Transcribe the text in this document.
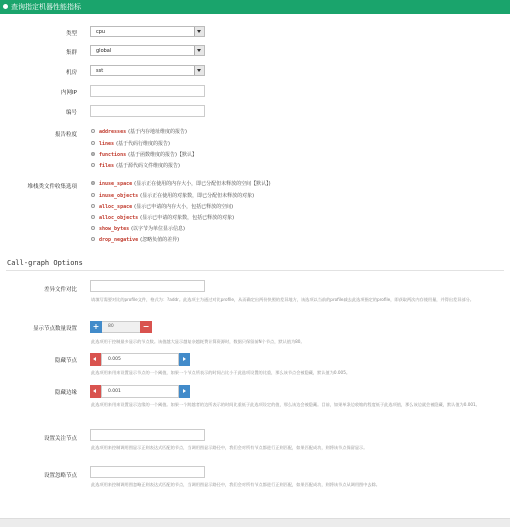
查询指定机器性能指标
类型	cpu
集群	global
机房	sst
内网IP
编号
报告粒度	addresses (基于内存地址维度的报告)
lines (基于代码行维度的报告)
functions (基于函数维度的报告)【默认】
files (基于源代码文件维度的报告)
堆栈类文件收集选项	inuse_space (显示正在使用的内存大小，即已分配但未释放的空间【默认】)
inuse_objects (显示正在使用的对象数，即已分配但未释放的对象)
alloc_space (显示已申请的内存大小，包括已释放的空间)
alloc_objects (显示已申请的对象数，包括已释放的对象)
show_bytes (以字节为单位显示信息)
drop_negative (忽略负值的差异)
Call-graph Options
差异文件对比
请填写需要对比的profile文件，格式为：?addr。此选项主为通过对比profile，从而确定出两份快照的差异地方，该选项以当前的profile减去此选项指定的profile，即获取两次内存使用量，并得出差异部分。
显示节点数量设置	+	80	−
此选项用于控制最多显示的节点数。该值越大显示越复杂越耗费计算资源时，数据只保留前N个节点，默认值为80。
隐藏节点	0.005
此选项用来用来设置显示节点的一个阈值，如果一个节点所表示的时间占比小于此选项设置的比重，那么该节点会被隐藏，默认值为0.005。
隐藏边缘	0.001
此选项用来用来设置显示边缘的一个阈值。如果一个跨越者的边所表示的时间比重低于此选项设定的值，那么该边会被隐藏。目前，如果单条边收缩的程度低于此选项值，那么该边就会被隐藏，默认值为0.001。
设置关注节点
此选项用来控制调用图显示正则表达式匹配的节点，当调用图显示路径中，我们会对所有节点都进行正则匹配，如果匹配成功，则将该节点保留显示。
设置忽略节点
此选项用来控制调用图忽略正则表达式匹配的节点，当调用图显示路径中，我们会对所有节点都进行正则匹配，如果匹配成功，则将该节点从调用图中去除。
